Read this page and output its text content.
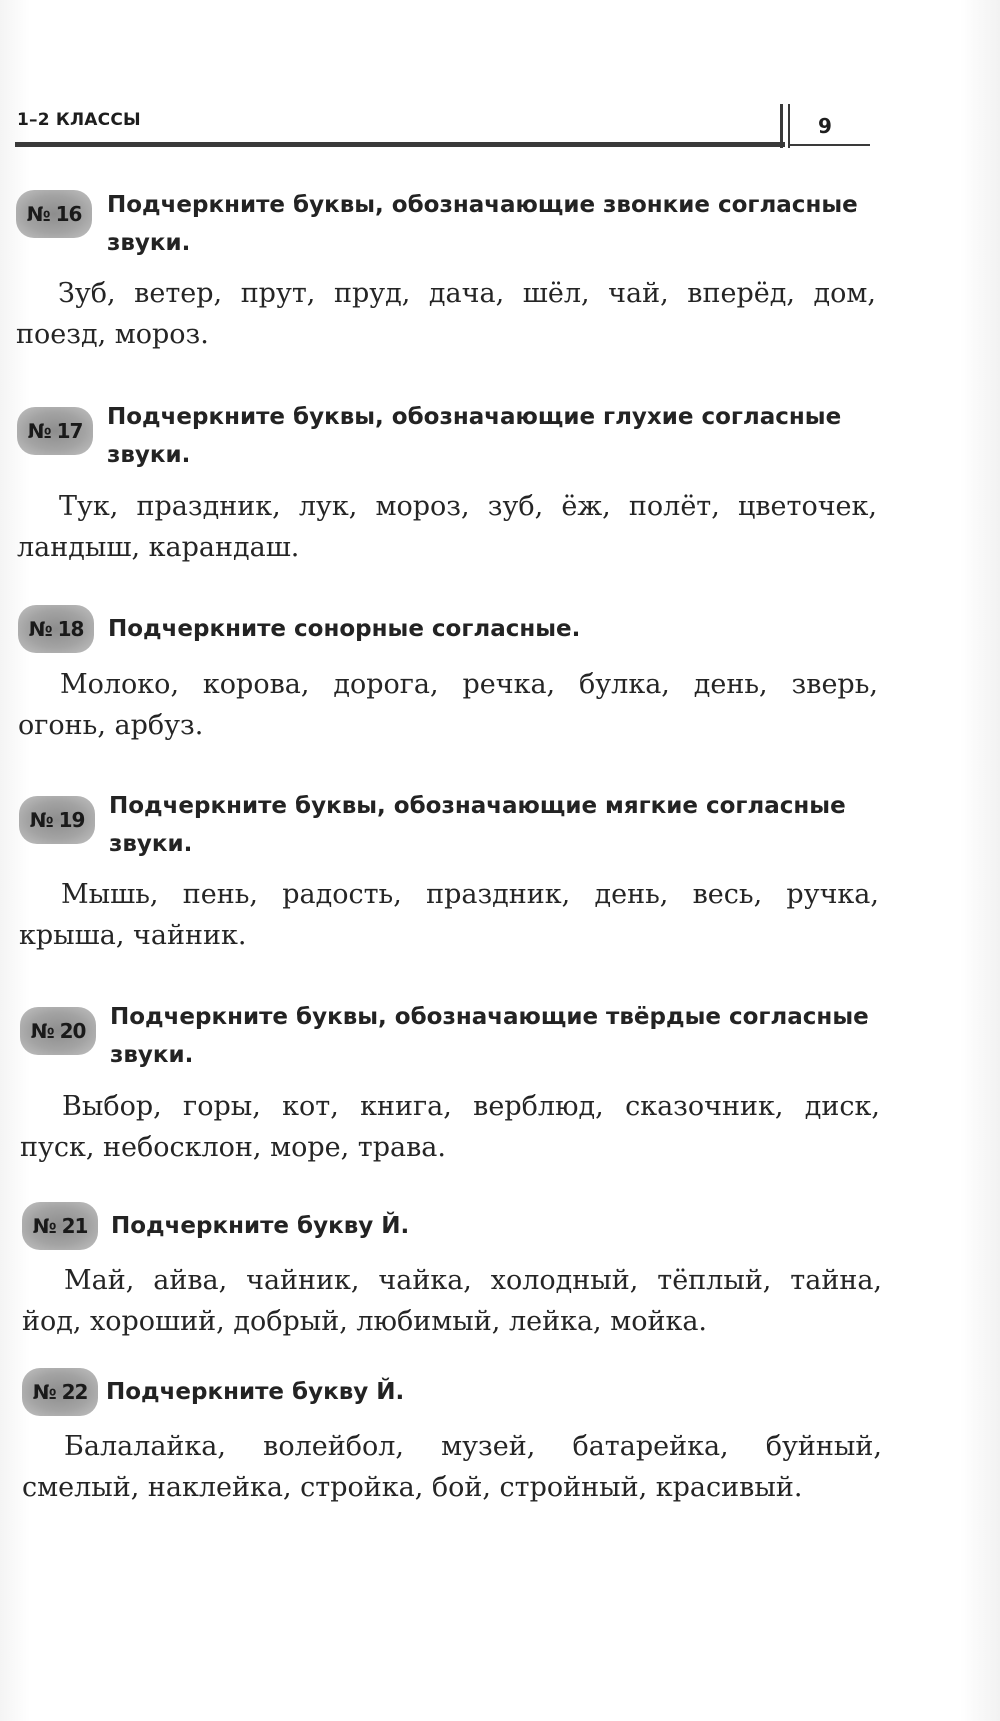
1–2 КЛАССЫ	9
№ 16	Подчеркните буквы, обозначающие звонкие согласные звуки.
Зуб, ветер, прут, пруд, дача, шёл, чай, вперёд, дом, поезд, мороз.
№ 17
Подчеркните буквы, обозначающие глухие согласные звуки.
Тук, праздник, лук, мороз, зуб, ёж, полёт, цветочек, ландыш, карандаш.
№ 18	Подчеркните сонорные согласные.
Молоко, корова, дорога, речка, булка, день, зверь, огонь, арбуз.
№ 19
Подчеркните буквы, обозначающие мягкие согласные звуки.
Мышь, пень, радость, праздник, день, весь, ручка, крыша, чайник.
№ 20
Подчеркните буквы, обозначающие твёрдые согласные звуки.
Выбор, горы, кот, книга, верблюд, сказочник, диск, пуск, небосклон, море, трава.
№ 21	Подчеркните букву Й.
Май, айва, чайник, чайка, холодный, тёплый, тайна, йод, хороший, добрый, любимый, лейка, мойка.
№ 22 Подчеркните букву Й.
Балалайка, волейбол, музей, батарейка, буйный, смелый, наклейка, стройка, бой, стройный, красивый.
